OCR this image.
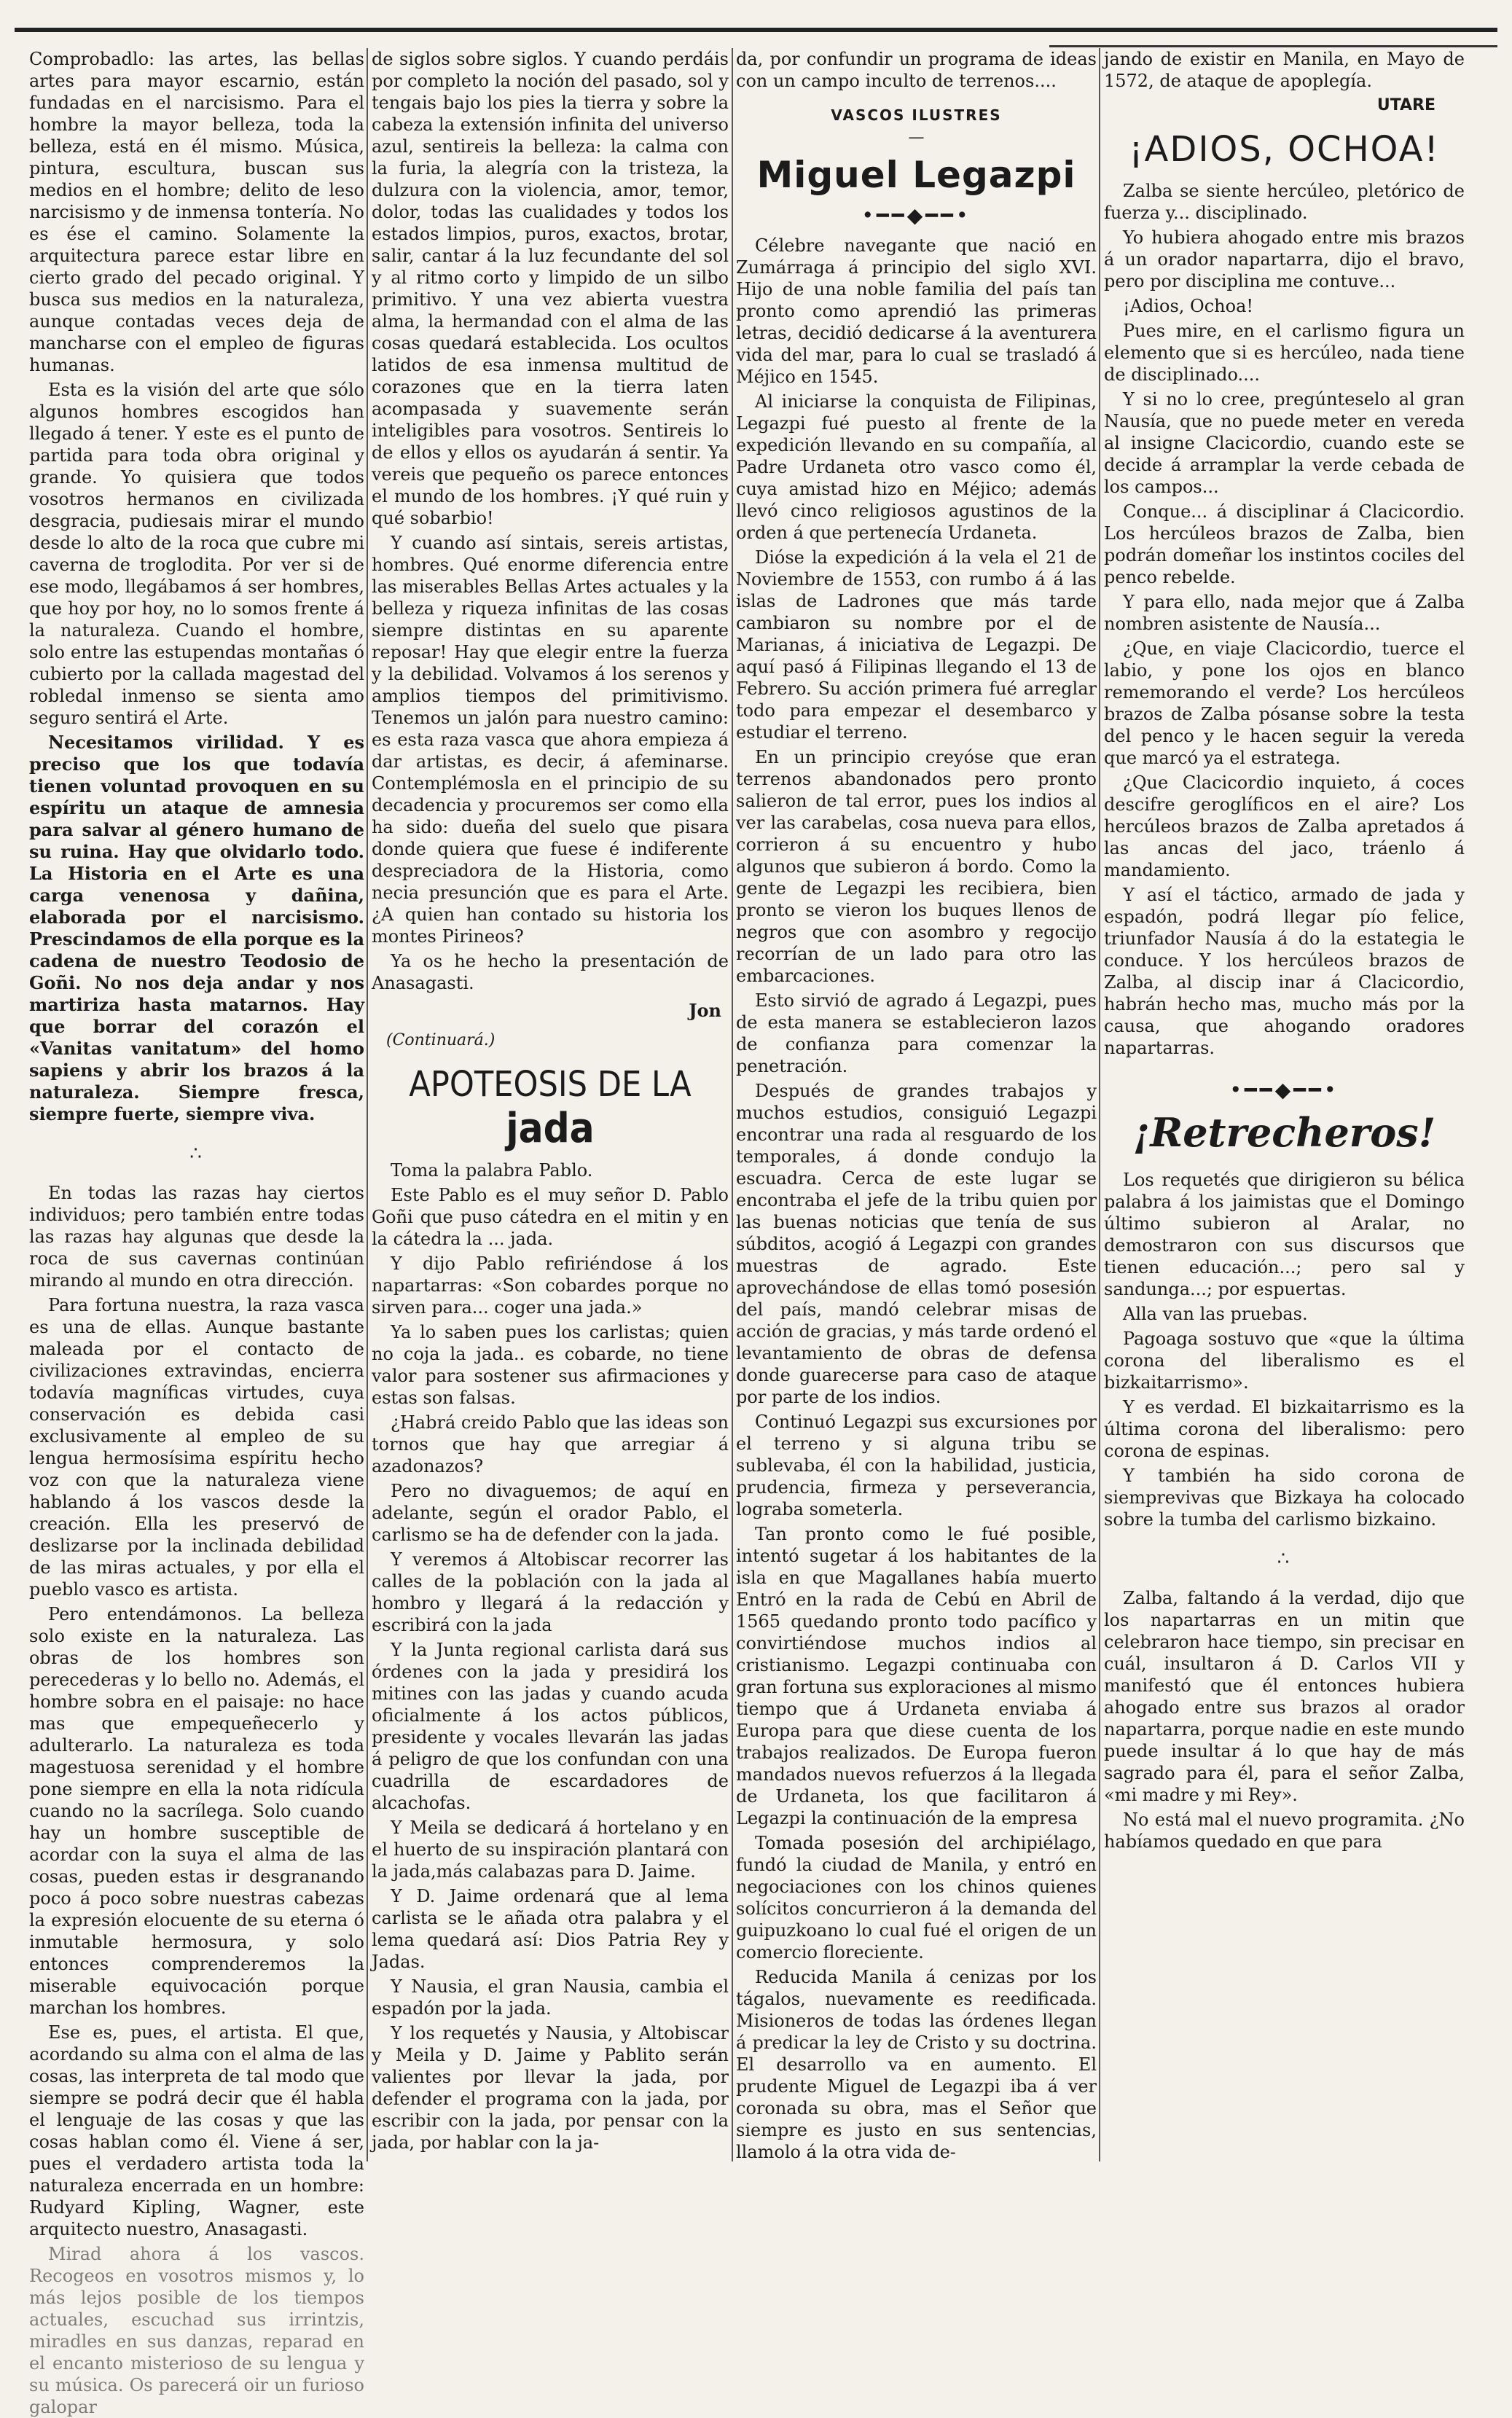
Comprobadlo: las artes, las bellas artes para mayor escarnio, están fundadas en el narcisismo. Para el hombre la mayor belleza, toda la belleza, está en él mismo. Música, pintura, escultura, buscan sus medios en el hombre; delito de leso narcisismo y de inmensa tontería. No es ése el camino. Solamente la arquitectura parece estar libre en cierto grado del pecado original. Y busca sus medios en la naturaleza, aunque contadas veces deja de mancharse con el empleo de figuras humanas.

Esta es la visión del arte que sólo algunos hombres escogidos han llegado á tener. Y este es el punto de partida para toda obra original y grande. Yo quisiera que todos vosotros hermanos en civilizada desgracia, pudiesais mirar el mundo desde lo alto de la roca que cubre mi caverna de troglodita. Por ver si de ese modo, llegábamos á ser hombres, que hoy por hoy, no lo somos frente á la naturaleza. Cuando el hombre, solo entre las estupendas montañas ó cubierto por la callada magestad del robledal inmenso se sienta amo seguro sentirá el Arte.

Necesitamos virilidad. Y es preciso que los que todavía tienen voluntad provoquen en su espíritu un ataque de amnesia para salvar al género humano de su ruina. Hay que olvidarlo todo. La Historia en el Arte es una carga venenosa y dañina, elaborada por el narcisismo. Prescindamos de ella porque es la cadena de nuestro Teodosio de Goñi. No nos deja andar y nos martiriza hasta matarnos. Hay que borrar del corazón el «Vanitas vanitatum» del homo sapiens y abrir los brazos á la naturaleza. Siempre fresca, siempre fuerte, siempre viva.

∴

En todas las razas hay ciertos individuos; pero también entre todas las razas hay algunas que desde la roca de sus cavernas continúan mirando al mundo en otra dirección.

Para fortuna nuestra, la raza vasca es una de ellas. Aunque bastante maleada por el contacto de civilizaciones extravindas, encierra todavía magníficas virtudes, cuya conservación es debida casi exclusivamente al empleo de su lengua hermosísima espíritu hecho voz con que la naturaleza viene hablando á los vascos desde la creación. Ella les preservó de deslizarse por la inclinada debilidad de las miras actuales, y por ella el pueblo vasco es artista.

Pero entendámonos. La belleza solo existe en la naturaleza. Las obras de los hombres son perecederas y lo bello no. Además, el hombre sobra en el paisaje: no hace mas que empequeñecerlo y adulterarlo. La naturaleza es toda magestuosa serenidad y el hombre pone siempre en ella la nota ridícula cuando no la sacrílega. Solo cuando hay un hombre susceptible de acordar con la suya el alma de las cosas, pueden estas ir desgranando poco á poco sobre nuestras cabezas la expresión elocuente de su eterna ó inmutable hermosura, y solo entonces comprenderemos la miserable equivocación porque marchan los hombres.

Ese es, pues, el artista. El que, acordando su alma con el alma de las cosas, las interpreta de tal modo que siempre se podrá decir que él habla el lenguaje de las cosas y que las cosas hablan como él. Viene á ser, pues el verdadero artista toda la naturaleza encerrada en un hombre: Rudyard Kipling, Wagner, este arquitecto nuestro, Anasagasti.

Mirad ahora á los vascos. Recogeos en vosotros mismos y, lo más lejos posible de los tiempos actuales, escuchad sus irrintzis, miradles en sus danzas, reparad en el encanto misterioso de su lengua y su música. Os parecerá oir un furioso galopar

de siglos sobre siglos. Y cuando perdáis por completo la noción del pasado, sol y tengais bajo los pies la tierra y sobre la cabeza la extensión infinita del universo azul, sentireis la belleza: la calma con la furia, la alegría con la tristeza, la dulzura con la violencia, amor, temor, dolor, todas las cualidades y todos los estados limpios, puros, exactos, brotar, salir, cantar á la luz fecundante del sol y al ritmo corto y limpido de un silbo primitivo. Y una vez abierta vuestra alma, la hermandad con el alma de las cosas quedará establecida. Los ocultos latidos de esa inmensa multitud de corazones que en la tierra laten acompasada y suavemente serán inteligibles para vosotros. Sentireis lo de ellos y ellos os ayudarán á sentir. Ya vereis que pequeño os parece entonces el mundo de los hombres. ¡Y qué ruin y qué sobarbio!

Y cuando así sintais, sereis artistas, hombres. Qué enorme diferencia entre las miserables Bellas Artes actuales y la belleza y riqueza infinitas de las cosas siempre distintas en su aparente reposar! Hay que elegir entre la fuerza y la debilidad. Volvamos á los serenos y amplios tiempos del primitivismo. Tenemos un jalón para nuestro camino: es esta raza vasca que ahora empieza á dar artistas, es decir, á afeminarse. Contemplémosla en el principio de su decadencia y procuremos ser como ella ha sido: dueña del suelo que pisara donde quiera que fuese é indiferente despreciadora de la Historia, como necia presunción que es para el Arte. ¿A quien han contado su historia los montes Pirineos?

Ya os he hecho la presentación de Anasagasti.

Jon
(Continuará.)
APOTEOSIS DE LA jada

Toma la palabra Pablo.

Este Pablo es el muy señor D. Pablo Goñi que puso cátedra en el mitin y en la cátedra la ... jada.

Y dijo Pablo refiriéndose á los napartarras: «Son cobardes porque no sirven para... coger una jada.»

Ya lo saben pues los carlistas; quien no coja la jada.. es cobarde, no tiene valor para sostener sus afirmaciones y estas son falsas.

¿Habrá creido Pablo que las ideas son tornos que hay que arregiar á azadonazos?

Pero no divaguemos; de aquí en adelante, según el orador Pablo, el carlismo se ha de defender con la jada.

Y veremos á Altobiscar recorrer las calles de la población con la jada al hombro y llegará á la redacción y escribirá con la jada

Y la Junta regional carlista dará sus órdenes con la jada y presidirá los mitines con las jadas y cuando acuda oficialmente á los actos públicos, presidente y vocales llevarán las jadas á peligro de que los confundan con una cuadrilla de escardadores de alcachofas.

Y Meila se dedicará á hortelano y en el huerto de su inspiración plantará con la jada,más calabazas para D. Jaime.

Y D. Jaime ordenará que al lema carlista se le añada otra palabra y el lema quedará así: Dios Patria Rey y Jadas.

Y Nausia, el gran Nausia, cambia el espadón por la jada.

Y los requetés y Nausia, y Altobiscar y Meila y D. Jaime y Pablito serán valientes por llevar la jada, por defender el programa con la jada, por escribir con la jada, por pensar con la jada, por hablar con la ja-

da, por confundir un programa de ideas con un campo inculto de terrenos....

VASCOS ILUSTRES
—
Miguel Legazpi
•━━◆━━•

Célebre navegante que nació en Zumárraga á principio del siglo XVI. Hijo de una noble familia del país tan pronto como aprendió las primeras letras, decidió dedicarse á la aventurera vida del mar, para lo cual se trasladó á Méjico en 1545.

Al iniciarse la conquista de Filipinas, Legazpi fué puesto al frente de la expedición llevando en su compañía, al Padre Urdaneta otro vasco como él, cuya amistad hizo en Méjico; además llevó cinco religiosos agustinos de la orden á que pertenecía Urdaneta.

Dióse la expedición á la vela el 21 de Noviembre de 1553, con rumbo á á las islas de Ladrones que más tarde cambiaron su nombre por el de Marianas, á iniciativa de Legazpi. De aquí pasó á Filipinas llegando el 13 de Febrero. Su acción primera fué arreglar todo para empezar el desembarco y estudiar el terreno.

En un principio creyóse que eran terrenos abandonados pero pronto salieron de tal error, pues los indios al ver las carabelas, cosa nueva para ellos, corrieron á su encuentro y hubo algunos que subieron á bordo. Como la gente de Legazpi les recibiera, bien pronto se vieron los buques llenos de negros que con asombro y regocijo recorrían de un lado para otro las embarcaciones.

Esto sirvió de agrado á Legazpi, pues de esta manera se establecieron lazos de confianza para comenzar la penetración.

Después de grandes trabajos y muchos estudios, consiguió Legazpi encontrar una rada al resguardo de los temporales, á donde condujo la escuadra. Cerca de este lugar se encontraba el jefe de la tribu quien por las buenas noticias que tenía de sus súbditos, acogió á Legazpi con grandes muestras de agrado. Este aprovechándose de ellas tomó posesión del país, mandó celebrar misas de acción de gracias, y más tarde ordenó el levantamiento de obras de defensa donde guarecerse para caso de ataque por parte de los indios.

Continuó Legazpi sus excursiones por el terreno y si alguna tribu se sublevaba, él con la habilidad, justicia, prudencia, firmeza y perseverancia, lograba someterla.

Tan pronto como le fué posible, intentó sugetar á los habitantes de la isla en que Magallanes había muerto Entró en la rada de Cebú en Abril de 1565 quedando pronto todo pacífico y convirtiéndose muchos indios al cristianismo. Legazpi continuaba con gran fortuna sus exploraciones al mismo tiempo que á Urdaneta enviaba á Europa para que diese cuenta de los trabajos realizados. De Europa fueron mandados nuevos refuerzos á la llegada de Urdaneta, los que facilitaron á Legazpi la continuación de la empresa

Tomada posesión del archipiélago, fundó la ciudad de Manila, y entró en negociaciones con los chinos quienes solícitos concurrieron á la demanda del guipuzkoano lo cual fué el origen de un comercio floreciente.

Reducida Manila á cenizas por los tágalos, nuevamente es reedificada. Misioneros de todas las órdenes llegan á predicar la ley de Cristo y su doctrina. El desarrollo va en aumento. El prudente Miguel de Legazpi iba á ver coronada su obra, mas el Señor que siempre es justo en sus sentencias, llamolo á la otra vida de-

jando de existir en Manila, en Mayo de 1572, de ataque de apoplegía.

UTARE
¡ADIOS, OCHOA!

Zalba se siente hercúleo, pletórico de fuerza y... disciplinado.

Yo hubiera ahogado entre mis brazos á un orador napartarra, dijo el bravo, pero por disciplina me contuve...

¡Adios, Ochoa!

Pues mire, en el carlismo figura un elemento que si es hercúleo, nada tiene de disciplinado....

Y si no lo cree, pregúnteselo al gran Nausía, que no puede meter en vereda al insigne Clacicordio, cuando este se decide á arramplar la verde cebada de los campos...

Conque... á disciplinar á Clacicordio. Los hercúleos brazos de Zalba, bien podrán domeñar los instintos cociles del penco rebelde.

Y para ello, nada mejor que á Zalba nombren asistente de Nausía...

¿Que, en viaje Clacicordio, tuerce el labio, y pone los ojos en blanco rememorando el verde? Los hercúleos brazos de Zalba pósanse sobre la testa del penco y le hacen seguir la vereda que marcó ya el estratega.

¿Que Clacicordio inquieto, á coces descifre geroglíficos en el aire? Los hercúleos brazos de Zalba apretados á las ancas del jaco, tráenlo á mandamiento.

Y así el táctico, armado de jada y espadón, podrá llegar pío felice, triunfador Nausía á do la estategia le conduce. Y los hercúleos brazos de Zalba, al discip inar á Clacicordio, habrán hecho mas, mucho más por la causa, que ahogando oradores napartarras.

•━━◆━━•
¡Retrecheros!

Los requetés que dirigieron su bélica palabra á los jaimistas que el Domingo último subieron al Aralar, no demostraron con sus discursos que tienen educación...; pero sal y sandunga...; por espuertas.

Alla van las pruebas.

Pagoaga sostuvo que «que la última corona del liberalismo es el bizkaitarrismo».

Y es verdad. El bizkaitarrismo es la última corona del liberalismo: pero corona de espinas.

Y también ha sido corona de siemprevivas que Bizkaya ha colocado sobre la tumba del carlismo bizkaino.

∴

Zalba, faltando á la verdad, dijo que los napartarras en un mitin que celebraron hace tiempo, sin precisar en cuál, insultaron á D. Carlos VII y manifestó que él entonces hubiera ahogado entre sus brazos al orador napartarra, porque nadie en este mundo puede insultar á lo que hay de más sagrado para él, para el señor Zalba, «mi madre y mi Rey».

No está mal el nuevo programita. ¿No habíamos quedado en que para
